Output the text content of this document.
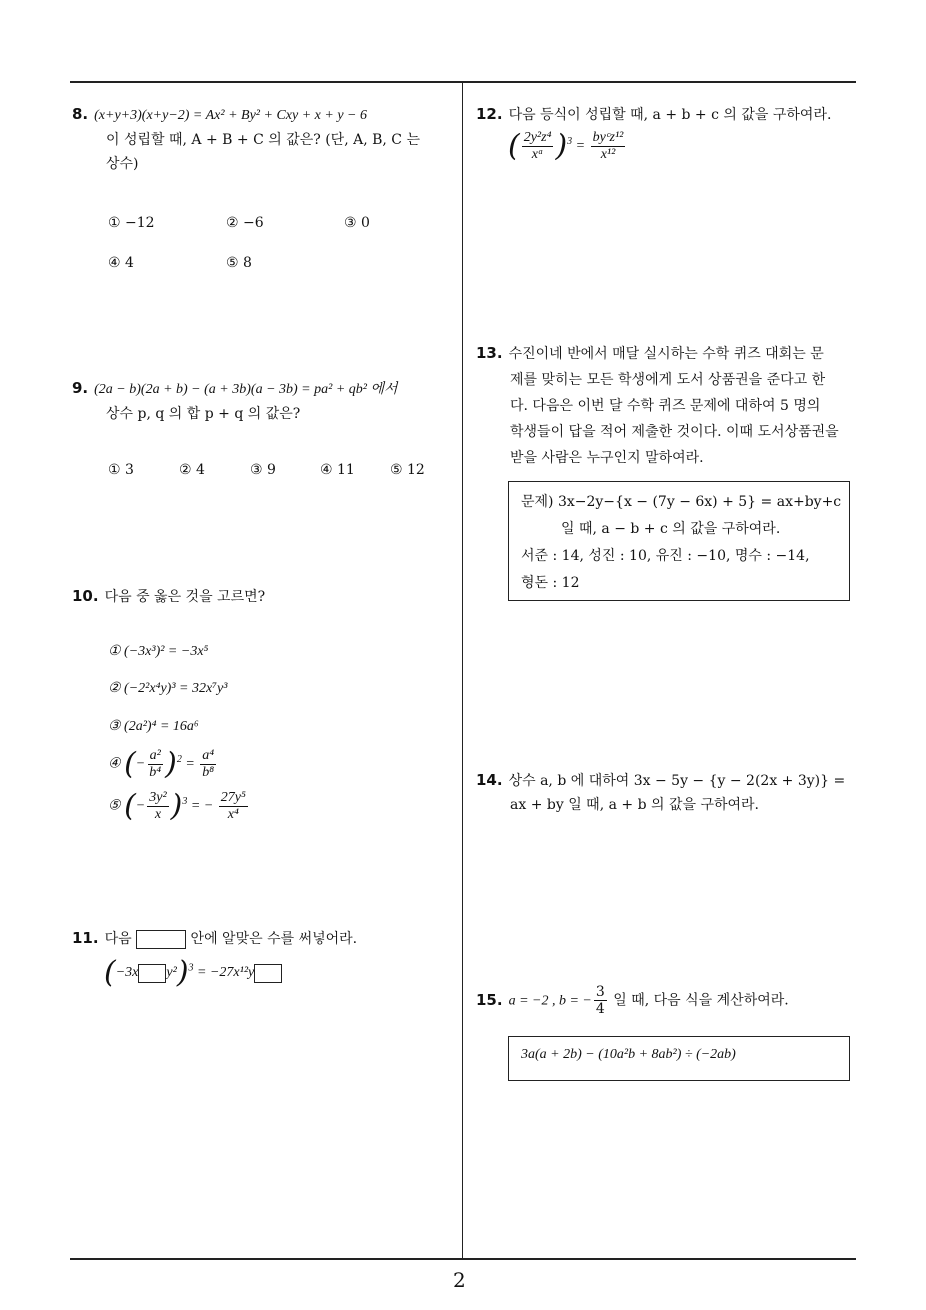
8. (x+y+3)(x+y−2) = Ax² + By² + Cxy + x + y − 6
이 성립할 때, A + B + C 의 값은? (단, A, B, C 는
상수)
① −12	② −6	③ 0
④ 4	⑤ 8
9. (2a − b)(2a + b) − (a + 3b)(a − 3b) = pa² + qb² 에서
상수 p, q 의 합 p + q 의 값은?
① 3	② 4	③ 9	④ 11	⑤ 12
10. 다음 중 옳은 것을 고르면?
① (−3x³)² = −3x⁵
② (−2²x⁴y)³ = 32x⁷y³
③ (2a²)⁴ = 16a⁶
④ (− $\frac{\text{a²}}{\text{b⁴}} )^2 = \frac{\text{a⁴}}{\text{b⁸}}$
⑤ (− $\frac{\text{3y²}}{x} )^3$ = − $\frac{\text{27y⁵}}{\text{x⁴}}$
11. 다음	안에 알맞은 수를 써넣어라.
(−3x y²)$^3$ = −27x¹²y
12. 다음 등식이 성립할 때, a + b + c 의 값을 구하여라.
( $\frac{\text{2y²z⁴}}{\text{xᵃ}} )^3 = \frac{\text{byᶜz¹²}}{\text{x¹²}}$
13. 수진이네 반에서 매달 실시하는 수학 퀴즈 대회는 문
제를 맞히는 모든 학생에게 도서 상품권을 준다고 한
다. 다음은 이번 달 수학 퀴즈 문제에 대하여 5 명의
학생들이 답을 적어 제출한 것이다. 이때 도서상품권을
받을 사람은 누구인지 말하여라.
문제) 3x−2y−{x − (7y − 6x) + 5} = ax+by+c
일 때, a − b + c 의 값을 구하여라.
서준 : 14, 성진 : 10, 유진 : −10, 명수 : −14,
형돈 : 12
14. 상수 a, b 에 대하여 3x − 5y − {y − 2(2x + 3y)} =
ax + by 일 때, a + b 의 값을 구하여라.
15. a = −2 , b = − $\frac{3}{4}$ 일 때, 다음 식을 계산하여라.
3a(a + 2b) − (10a²b + 8ab²) ÷ (−2ab)
2
